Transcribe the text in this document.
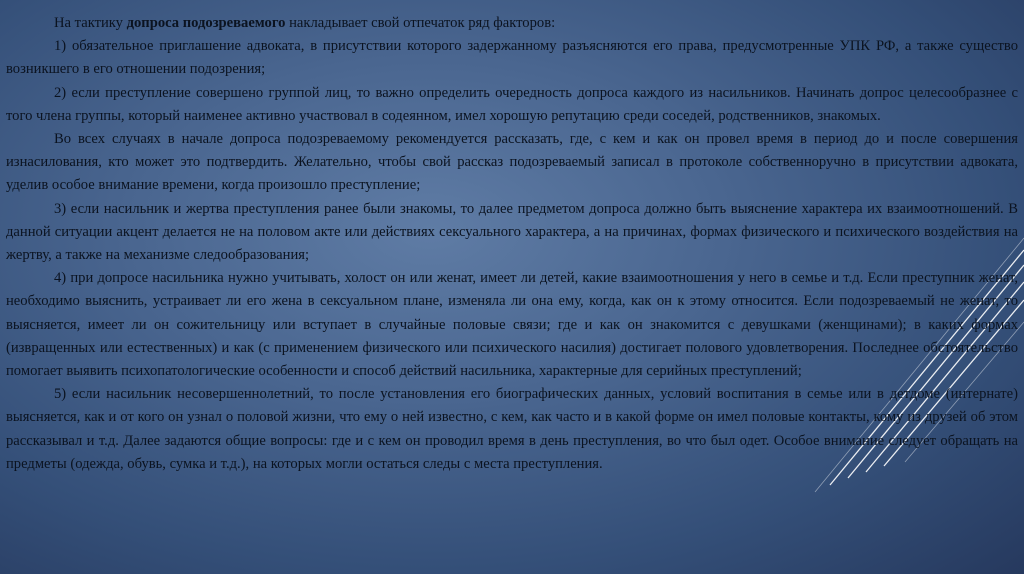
На тактику допроса подозреваемого накладывает свой отпечаток ряд факторов:

1) обязательное приглашение адвоката, в присутствии которого задержанному разъясняются его права, предусмотренные УПК РФ, а также существо возникшего в его отношении подозрения;

2) если преступление совершено группой лиц, то важно определить очередность допроса каждого из насильников. Начинать допрос целесообразнее с того члена группы, который наименее активно участвовал в содеянном, имел хорошую репутацию среди соседей, родственников, знакомых.

Во всех случаях в начале допроса подозреваемому рекомендуется рассказать, где, с кем и как он провел время в период до и после совершения изнасилования, кто может это подтвердить. Желательно, чтобы свой рассказ подозреваемый записал в протоколе собственноручно в присутствии адвоката, уделив особое внимание времени, когда произошло преступление;

3) если насильник и жертва преступления ранее были знакомы, то далее предметом допроса должно быть выяснение характера их взаимоотношений. В данной ситуации акцент делается не на половом акте или действиях сексуального характера, а на причинах, формах физического и психического воздействия на жертву, а также на механизме следообразования;

4) при допросе насильника нужно учитывать, холост он или женат, имеет ли детей, какие взаимоотношения у него в семье и т.д. Если преступник женат, необходимо выяснить, устраивает ли его жена в сексуальном плане, изменяла ли она ему, когда, как он к этому относится. Если подозреваемый не женат, то выясняется, имеет ли он сожительницу или вступает в случайные половые связи; где и как он знакомится с девушками (женщинами); в каких формах (извращенных или естественных) и как (с применением физического или психического насилия) достигает полового удовлетворения. Последнее обстоятельство помогает выявить психопатологические особенности и способ действий насильника, характерные для серийных преступлений;

5) если насильник несовершеннолетний, то после установления его биографических данных, условий воспитания в семье или в детдоме (интернате) выясняется, как и от кого он узнал о половой жизни, что ему о ней известно, с кем, как часто и в какой форме он имел половые контакты, кому из друзей об этом рассказывал и т.д. Далее задаются общие вопросы: где и с кем он проводил время в день преступления, во что был одет. Особое внимание следует обращать на предметы (одежда, обувь, сумка и т.д.), на которых могли остаться следы с места преступления.
